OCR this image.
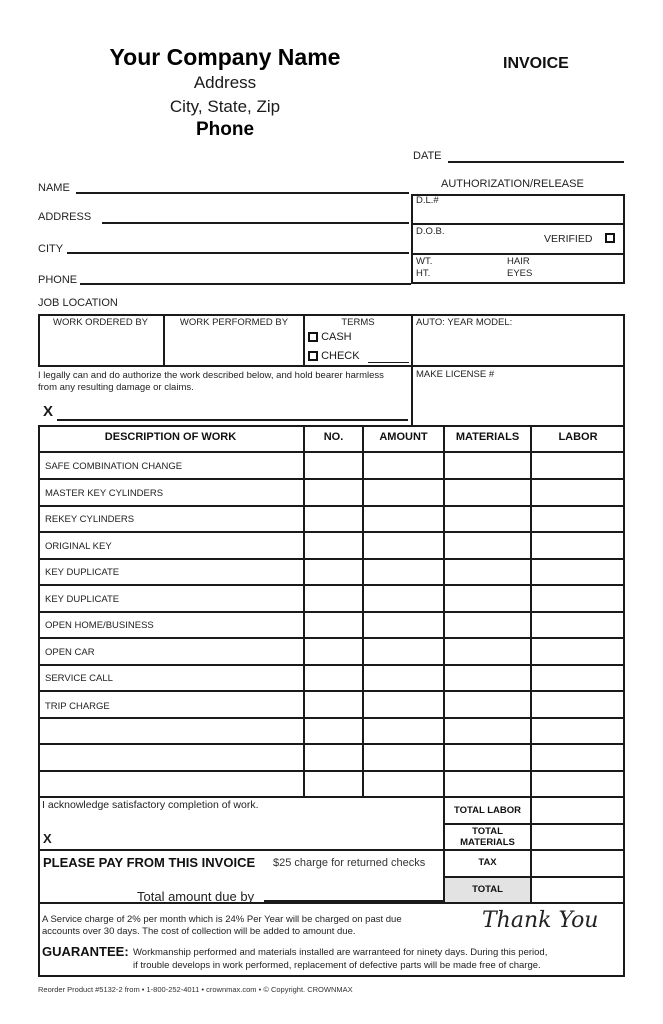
Your Company Name
Address
City, State, Zip
Phone
INVOICE
DATE
NAME
ADDRESS
CITY
PHONE
JOB LOCATION
AUTHORIZATION/RELEASE
D.L.#
D.O.B.
VERIFIED
WT.
HT.
HAIR
EYES
WORK ORDERED BY	WORK PERFORMED BY	TERMS
CASH
CHECK
AUTO: YEAR MODEL:
MAKE LICENSE #
I legally can and do authorize the work described below, and hold bearer harmless
from any resulting damage or claims.
X
DESCRIPTION OF WORK	NO.	AMOUNT	MATERIALS	LABOR
SAFE COMBINATION CHANGE
MASTER KEY CYLINDERS
REKEY CYLINDERS
ORIGINAL KEY
KEY DUPLICATE
KEY DUPLICATE
OPEN HOME/BUSINESS
OPEN CAR
SERVICE CALL
TRIP CHARGE
I acknowledge satisfactory completion of work.
X
TOTAL LABOR
TOTAL
MATERIALS
TAX
TOTAL
PLEASE PAY FROM THIS INVOICE $25 charge for returned checks
Total amount due by
A Service charge of 2% per month which is 24% Per Year will be charged on past due
accounts over 30 days. The cost of collection will be added to amount due.	Thank You
GUARANTEE: Workmanship performed and materials installed are warranteed for ninety days. During this period,
if trouble develops in work performed, replacement of defective parts will be made free of charge.
Reorder Product #5132-2 from • 1-800-252-4011 • crownmax.com • © Copyright. CROWNMAX
